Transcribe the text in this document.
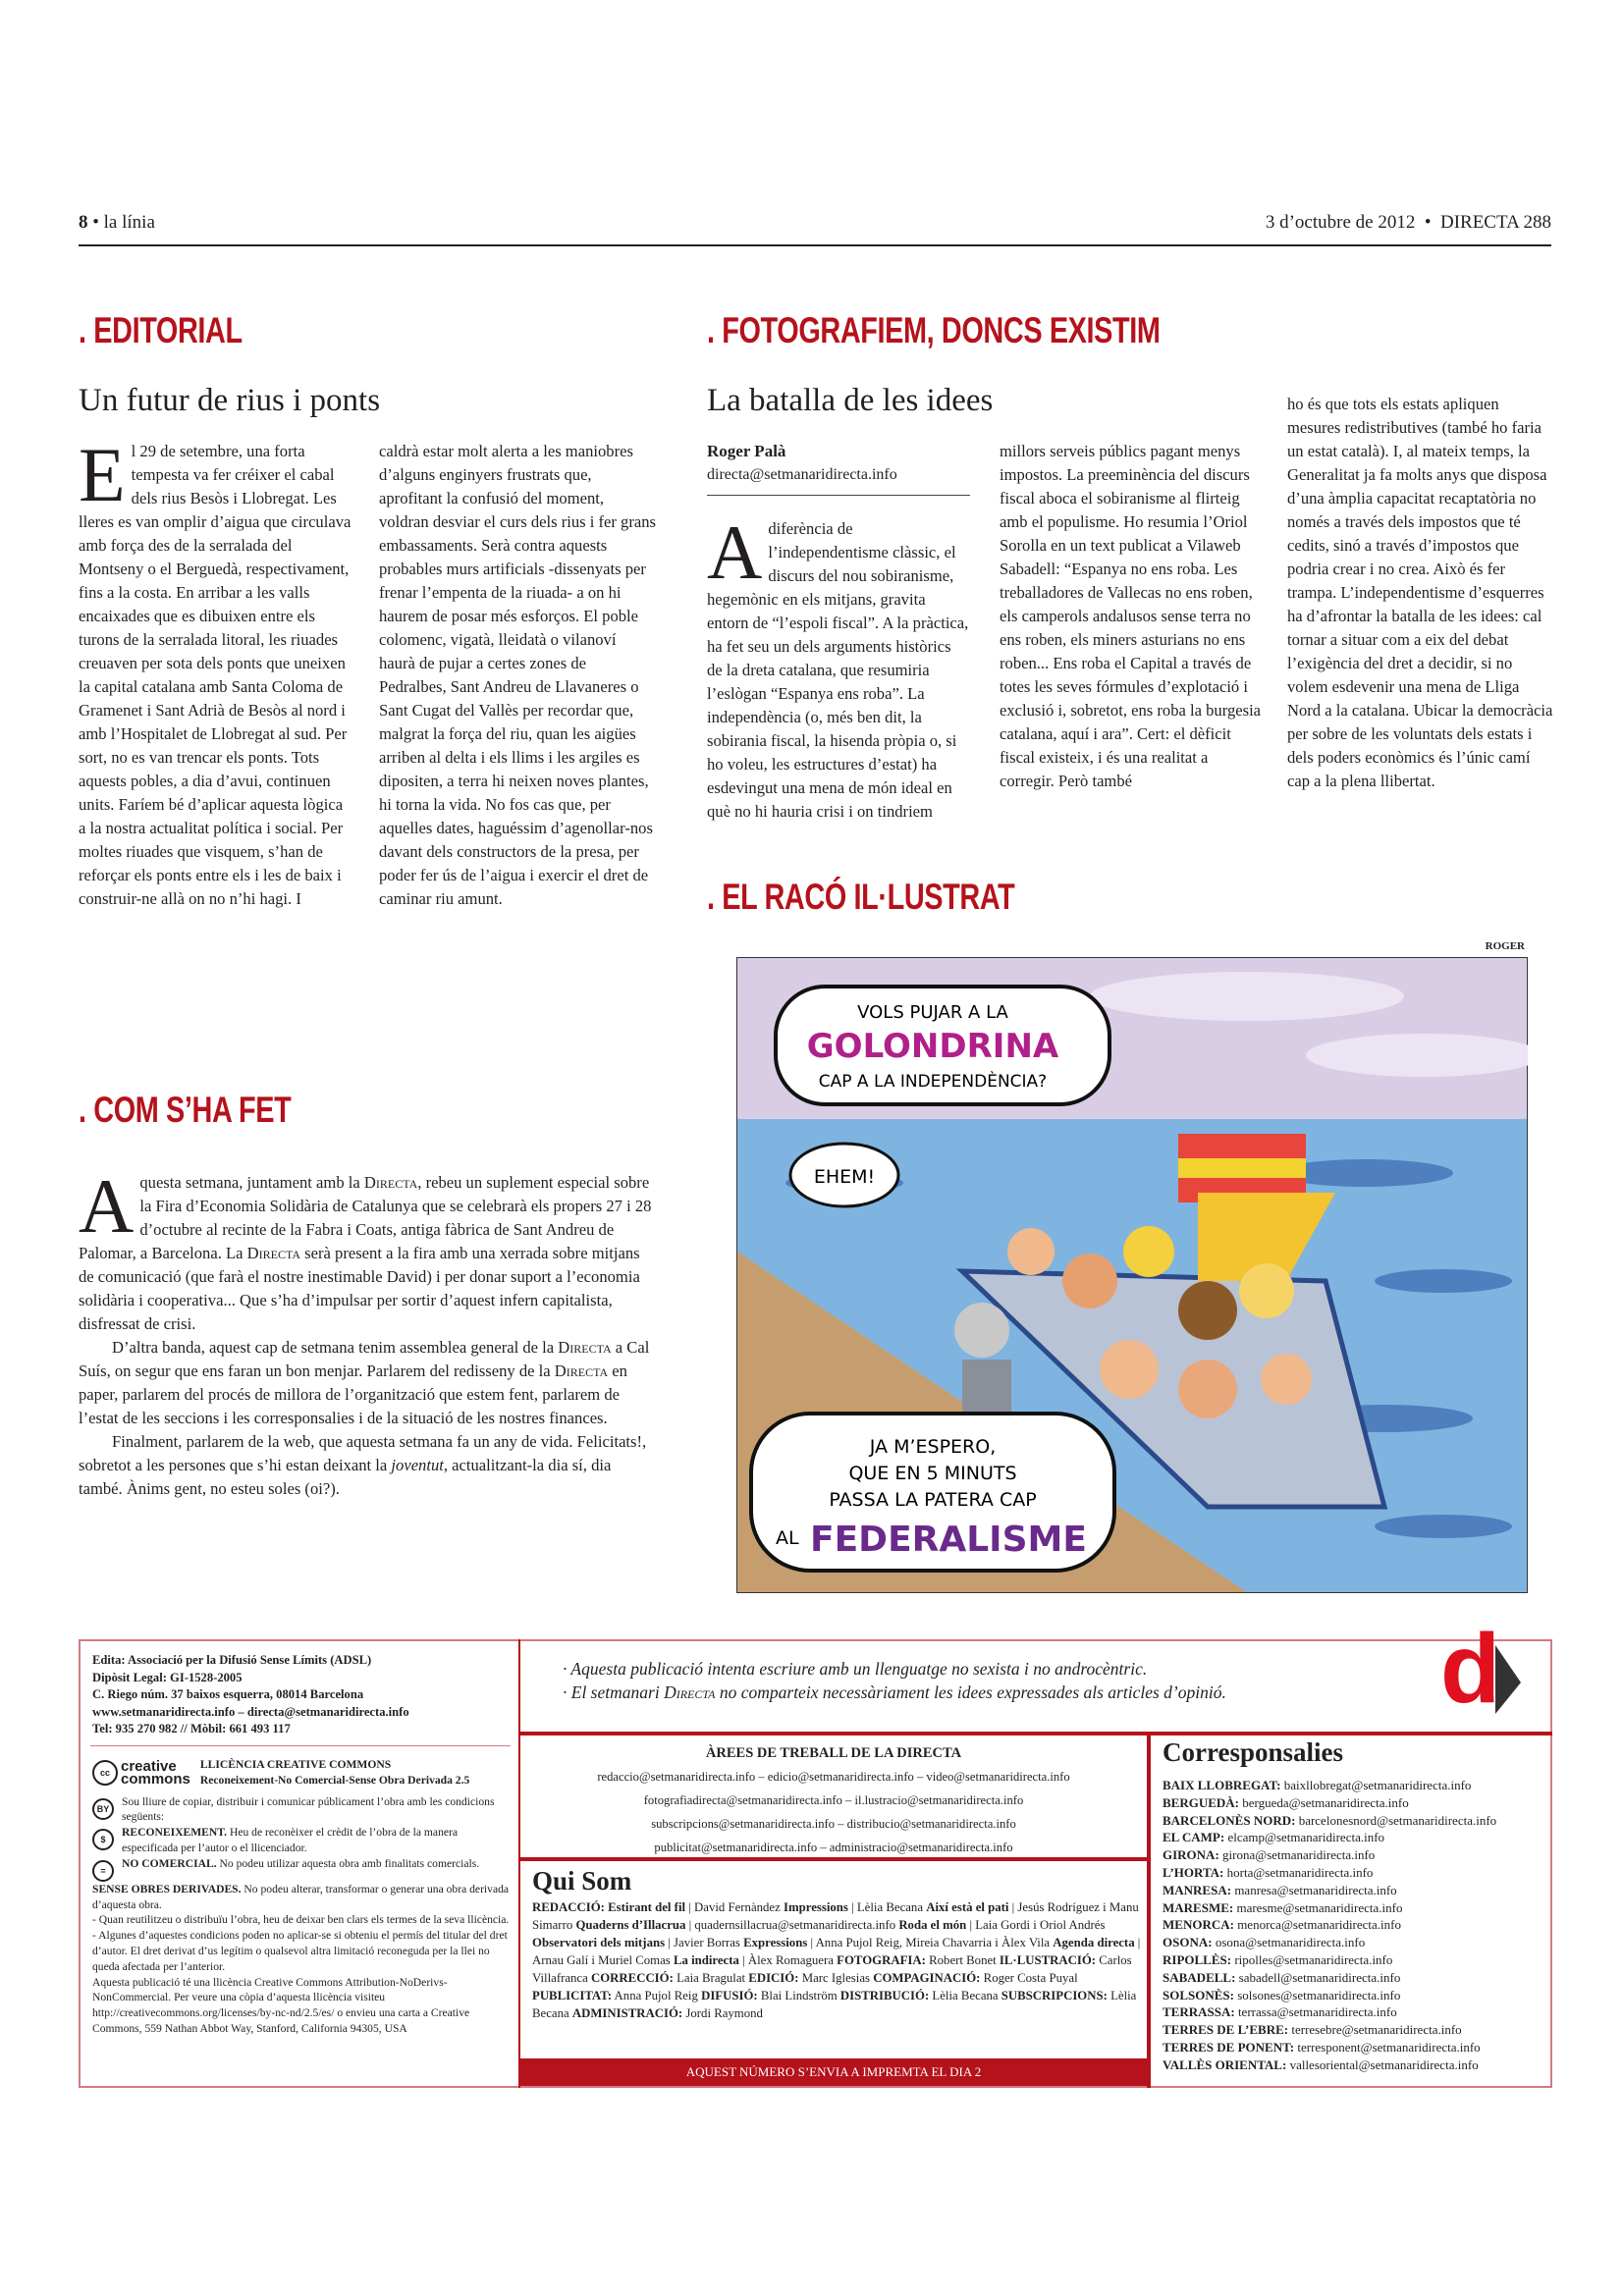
8 • la línia	3 d’octubre de 2012 • DIRECTA 288
. EDITORIAL
Un futur de rius i ponts
El 29 de setembre, una forta tempesta va fer créixer el cabal dels rius Besòs i Llobregat. Les lleres es van omplir d’aigua que circulava amb força des de la serralada del Montseny o el Berguedà, respectivament, fins a la costa. En arribar a les valls encaixades que es dibuixen entre els turons de la serralada litoral, les riuades creuaven per sota dels ponts que uneixen la capital catalana amb Santa Coloma de Gramenet i Sant Adrià de Besòs al nord i amb l’Hospitalet de Llobregat al sud. Per sort, no es van trencar els ponts. Tots aquests pobles, a dia d’avui, continuen units. Faríem bé d’aplicar aquesta lògica a la nostra actualitat política i social. Per moltes riuades que visquem, s’han de reforçar els ponts entre els i les de baix i construir-ne allà on no n’hi hagi. I
caldrà estar molt alerta a les maniobres d’alguns enginyers frustrats que, aprofitant la confusió del moment, voldran desviar el curs dels rius i fer grans embassaments. Serà contra aquests probables murs artificials -dissenyats per frenar l’empenta de la riuada- a on hi haurem de posar més esforços. El poble colomenc, vigatà, lleidatà o vilanoví haurà de pujar a certes zones de Pedralbes, Sant Andreu de Llavaneres o Sant Cugat del Vallès per recordar que, malgrat la força del riu, quan les aigües arriben al delta i els llims i les argiles es dipositen, a terra hi neixen noves plantes, hi torna la vida. No fos cas que, per aquelles dates, haguéssim d’agenollar-nos davant dels constructors de la presa, per poder fer ús de l’aigua i exercir el dret de caminar riu amunt.
. COM S’HA FET

Aquesta setmana, juntament amb la Directa, rebeu un suplement especial sobre la Fira d’Economia Solidària de Catalunya que se celebrarà els propers 27 i 28 d’octubre al recinte de la Fabra i Coats, antiga fàbrica de Sant Andreu de Palomar, a Barcelona. La Directa serà present a la fira amb una xerrada sobre mitjans de comunicació (que farà el nostre inestimable David) i per donar suport a l’economia solidària i cooperativa... Que s’ha d’impulsar per sortir d’aquest infern capitalista, disfressat de crisi.

D’altra banda, aquest cap de setmana tenim assemblea general de la Directa a Cal Suís, on segur que ens faran un bon menjar. Parlarem del redisseny de la Directa en paper, parlarem del procés de millora de l’organització que estem fent, parlarem de l’estat de les seccions i les corresponsalies i de la situació de les nostres finances.

Finalment, parlarem de la web, que aquesta setmana fa un any de vida. Felicitats!, sobretot a les persones que s’hi estan deixant la joventut, actualitzant-la dia sí, dia també. Ànims gent, no esteu soles (oi?).

. FOTOGRAFIEM, DONCS EXISTIM
La batalla de les idees
Roger Palà
directa@setmanaridirecta.info
A diferència de l’independentisme clàssic, el discurs del nou sobiranisme, hegemònic en els mitjans, gravita entorn de “l’espoli fiscal”. A la pràctica, ha fet seu un dels arguments històrics de la dreta catalana, que resumiria l’eslògan “Espanya ens roba”. La independència (o, més ben dit, la sobirania fiscal, la hisenda pròpia o, si ho voleu, les estructures d’estat) ha esdevingut una mena de món ideal en què no hi hauria crisi i on tindriem
millors serveis públics pagant menys impostos. La preeminència del discurs fiscal aboca el sobiranisme al flirteig amb el populisme. Ho resumia l’Oriol Sorolla en un text publicat a Vilaweb Sabadell: “Espanya no ens roba. Les treballadores de Vallecas no ens roben, els camperols andalusos sense terra no ens roben, els miners asturians no ens roben... Ens roba el Capital a través de totes les seves fórmules d’explotació i exclusió i, sobretot, ens roba la burgesia catalana, aquí i ara”. Cert: el dèficit fiscal existeix, i és una realitat a corregir. Però també
ho és que tots els estats apliquen mesures redistributives (també ho faria un estat català). I, al mateix temps, la Generalitat ja fa molts anys que disposa d’una àmplia capacitat recaptatòria no només a través dels impostos que té cedits, sinó a través d’impostos que podria crear i no crea. Això és fer trampa. L’independentisme d’esquerres ha d’afrontar la batalla de les idees: cal tornar a situar com a eix del debat l’exigència del dret a decidir, si no volem esdevenir una mena de Lliga Nord a la catalana. Ubicar la democràcia per sobre de les voluntats dels estats i dels poders econòmics és l’únic camí cap a la plena llibertat.
. EL RACÓ IL·LUSTRAT
ROGER
VOLS PUJAR A LA
GOLONDRINA
CAP A LA INDEPENDÈNCIA?
EHEM!
JA M’ESPERO,
QUE EN 5 MINUTS
PASSA LA PATERA CAP
AL FEDERALISME
Edita: Associació per la Difusió Sense Límits (ADSL)
Dipòsit Legal: GI-1528-2005
C. Riego núm. 37 baixos esquerra, 08014 Barcelona
www.setmanaridirecta.info – directa@setmanaridirecta.info
Tel: 935 270 982 // Mòbil: 661 493 117
cc creative
commons
LLICÈNCIA CREATIVE COMMONS
Reconeixement-No Comercial-Sense Obra Derivada 2.5
BY
Sou lliure de copiar, distribuir i comunicar públicament l’obra amb les condicions següents:
$
RECONEIXEMENT. Heu de reconèixer el crèdit de l’obra de la manera especificada per l’autor o el llicenciador.
=
NO COMERCIAL. No podeu utilizar aquesta obra amb finalitats comercials.
SENSE OBRES DERIVADES. No podeu alterar, transformar o generar una obra derivada d’aquesta obra.
- Quan reutilitzeu o distribuïu l’obra, heu de deixar ben clars els termes de la seva llicència.
- Algunes d’aquestes condicions poden no aplicar-se si obteniu el permís del titular del dret d’autor. El dret derivat d’us legítim o qualsevol altra limitació reconeguda per la llei no queda afectada per l’anterior.
Aquesta publicació té una llicència Creative Commons Attribution-NoDerivs- NonCommercial. Per veure una còpia d’aquesta llicència visiteu http://creativecommons.org/licenses/by-nc-nd/2.5/es/ o envieu una carta a Creative Commons, 559 Nathan Abbot Way, Stanford, California 94305, USA
· Aquesta publicació intenta escriure amb un llenguatge no sexista i no androcèntric.
· El setmanari Directa no comparteix necessàriament les idees expressades als articles d’opinió. d
ÀREES DE TREBALL DE LA DIRECTA
redaccio@setmanaridirecta.info – edicio@setmanaridirecta.info – video@setmanaridirecta.info
fotografiadirecta@setmanaridirecta.info – il.lustracio@setmanaridirecta.info
subscripcions@setmanaridirecta.info – distribucio@setmanaridirecta.info
publicitat@setmanaridirecta.info – administracio@setmanaridirecta.info
Qui Som
REDACCIÓ: Estirant del fil | David Fernàndez Impressions | Lèlia Becana Així està el pati | Jesús Rodríguez i Manu Simarro Quaderns d’Illacrua | quadernsillacrua@setmanaridirecta.info Roda el món | Laia Gordi i Oriol Andrés Observatori dels mitjans | Javier Borras Expressions | Anna Pujol Reig, Mireia Chavarria i Àlex Vila Agenda directa | Arnau Galí i Muriel Comas La indirecta | Àlex Romaguera FOTOGRAFIA: Robert Bonet IL·LUSTRACIÓ: Carlos Villafranca CORRECCIÓ: Laia Bragulat EDICIÓ: Marc Iglesias COMPAGINACIÓ: Roger Costa Puyal PUBLICITAT: Anna Pujol Reig DIFUSIÓ: Blai Lindström DISTRIBUCIÓ: Lèlia Becana SUBSCRIPCIONS: Lèlia Becana ADMINISTRACIÓ: Jordi Raymond
AQUEST NÚMERO S’ENVIA A IMPREMTA EL DIA 2
Corresponsalies
BAIX LLOBREGAT: baixllobregat@setmanaridirecta.info
BERGUEDÀ: bergueda@setmanaridirecta.info
BARCELONÈS NORD: barcelonesnord@setmanaridirecta.info
EL CAMP: elcamp@setmanaridirecta.info
GIRONA: girona@setmanaridirecta.info
L’HORTA: horta@setmanaridirecta.info
MANRESA: manresa@setmanaridirecta.info
MARESME: maresme@setmanaridirecta.info
MENORCA: menorca@setmanaridirecta.info
OSONA: osona@setmanaridirecta.info
RIPOLLÈS: ripolles@setmanaridirecta.info
SABADELL: sabadell@setmanaridirecta.info
SOLSONÈS: solsones@setmanaridirecta.info
TERRASSA: terrassa@setmanaridirecta.info
TERRES DE L’EBRE: terresebre@setmanaridirecta.info
TERRES DE PONENT: terresponent@setmanaridirecta.info
VALLÈS ORIENTAL: vallesoriental@setmanaridirecta.info
